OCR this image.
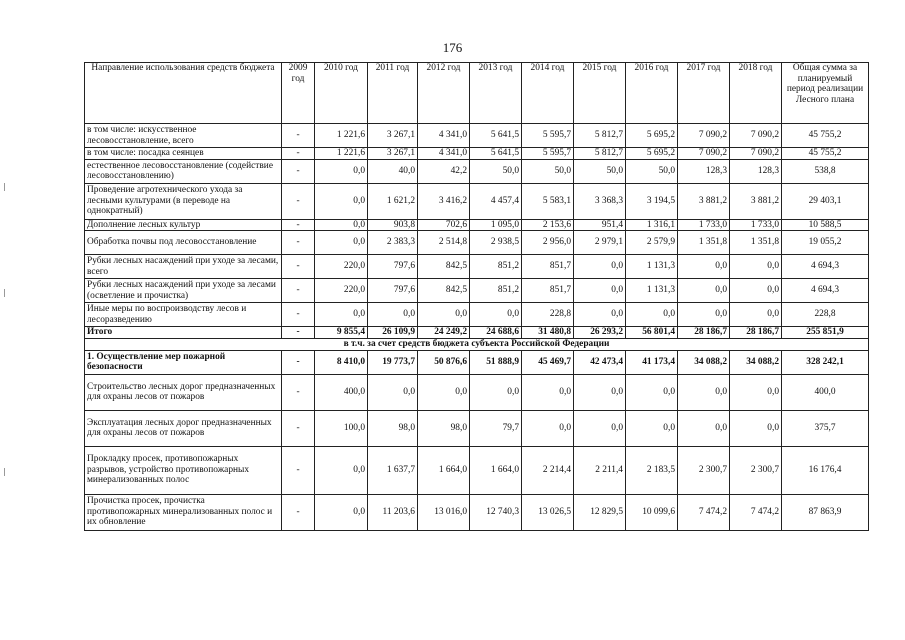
176
Направление использования средств бюджета	2009 год	2010 год	2011 год	2012 год	2013 год	2014 год	2015 год	2016 год	2017 год	2018 год	Общая сумма за планируемый период реализации Лесного плана
в том числе: искусственное лесовосстановление, всего	-	1 221,6	3 267,1	4 341,0	5 641,5	5 595,7	5 812,7	5 695,2	7 090,2	7 090,2	45 755,2
в том числе: посадка сеянцев	-	1 221,6	3 267,1	4 341,0	5 641,5	5 595,7	5 812,7	5 695,2	7 090,2	7 090,2	45 755,2
естественное лесовосстановление (содействие лесовосстановлению)	-	0,0	40,0	42,2	50,0	50,0	50,0	50,0	128,3	128,3	538,8
Проведение агротехнического ухода за лесными культурами (в переводе на однократный)	-	0,0	1 621,2	3 416,2	4 457,4	5 583,1	3 368,3	3 194,5	3 881,2	3 881,2	29 403,1
Дополнение лесных культур	-	0,0	903,8	702,6	1 095,0	2 153,6	951,4	1 316,1	1 733,0	1 733,0	10 588,5
Обработка почвы под лесовосстановление	-	0,0	2 383,3	2 514,8	2 938,5	2 956,0	2 979,1	2 579,9	1 351,8	1 351,8	19 055,2
Рубки лесных насаждений при уходе за лесами, всего	-	220,0	797,6	842,5	851,2	851,7	0,0	1 131,3	0,0	0,0	4 694,3
Рубки лесных насаждений при уходе за лесами (осветление и прочистка)	-	220,0	797,6	842,5	851,2	851,7	0,0	1 131,3	0,0	0,0	4 694,3
Иные меры по воспроизводству лесов и лесоразведению	-	0,0	0,0	0,0	0,0	228,8	0,0	0,0	0,0	0,0	228,8
Итого	-	9 855,4	26 109,9	24 249,2	24 688,6	31 480,8	26 293,2	56 801,4	28 186,7	28 186,7	255 851,9
в т.ч. за счет средств бюджета субъекта Российской Федерации											
1. Осуществление мер пожарной безопасности	-	8 410,0	19 773,7	50 876,6	51 888,9	45 469,7	42 473,4	41 173,4	34 088,2	34 088,2	328 242,1
Строительство лесных дорог предназначенных для охраны лесов от пожаров	-	400,0	0,0	0,0	0,0	0,0	0,0	0,0	0,0	0,0	400,0
Эксплуатация лесных дорог предназначенных для охраны лесов от пожаров	-	100,0	98,0	98,0	79,7	0,0	0,0	0,0	0,0	0,0	375,7
Прокладку просек, противопожарных разрывов, устройство противопожарных минерализованных полос	-	0,0	1 637,7	1 664,0	1 664,0	2 214,4	2 211,4	2 183,5	2 300,7	2 300,7	16 176,4
Прочистка просек, прочистка противопожарных минерализованных полос и их обновление	-	0,0	11 203,6	13 016,0	12 740,3	13 026,5	12 829,5	10 099,6	7 474,2	7 474,2	87 863,9
